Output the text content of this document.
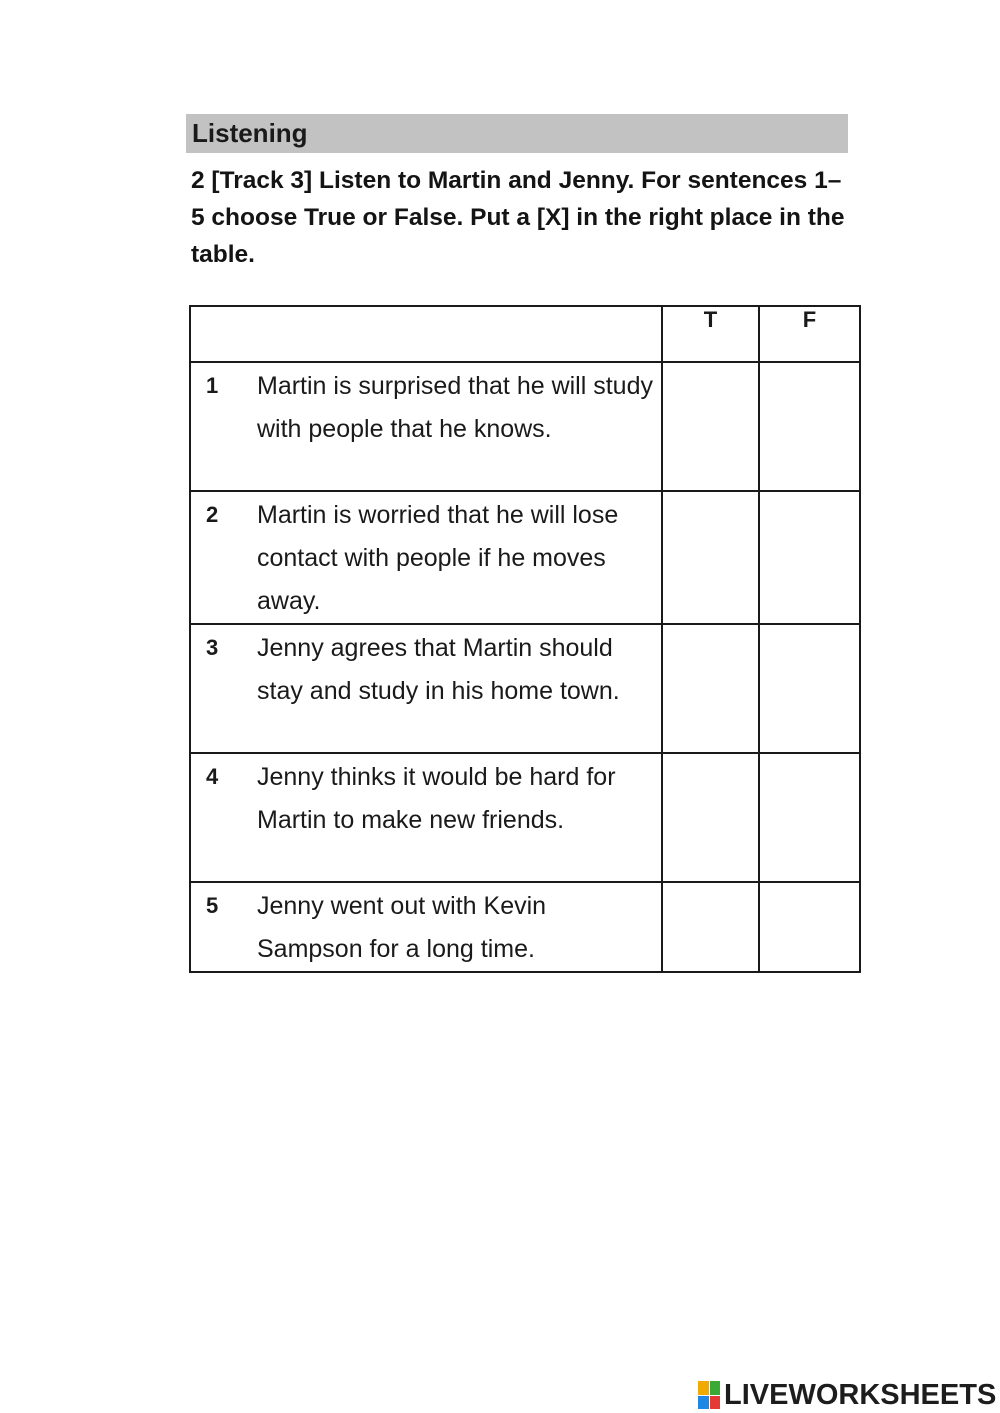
Listening
2 [Track 3] Listen to Martin and Jenny. For sentences 1–5 choose True or False. Put a [X] in the right place in the table.
	T	F

1 Martin is surprised that he will study with people that he knows.		

2 Martin is worried that he will lose contact with people if he moves away.		

3 Jenny agrees that Martin should stay and study in his home town.		

4 Jenny thinks it would be hard for Martin to make new friends.		

5 Jenny went out with Kevin Sampson for a long time.		

LIVEWORKSHEETS
